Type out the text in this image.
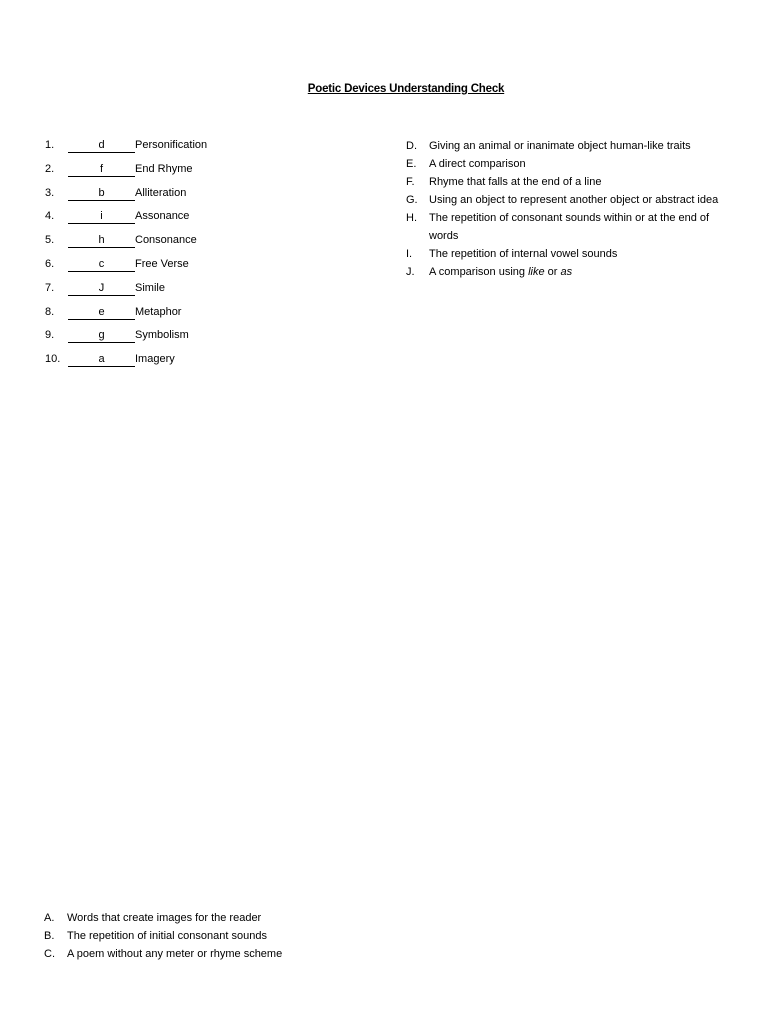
Poetic Devices Understanding Check
1.	d	Personification
2.	f	End Rhyme
3.	b	Alliteration
4.	i	Assonance
5.	h	Consonance
6.	c	Free Verse
7.	J	Simile
8.	e	Metaphor
9.	g	Symbolism
10.	a	Imagery
D.	Giving an animal or inanimate object human-like traits
E.	A direct comparison
F.	Rhyme that falls at the end of a line
G.	Using an object to represent another object or abstract idea
H.	The repetition of consonant sounds within or at the end of words
I.	The repetition of internal vowel sounds
J.	A comparison using like or as
A.	Words that create images for the reader
B.	The repetition of initial consonant sounds
C.	A poem without any meter or rhyme scheme
